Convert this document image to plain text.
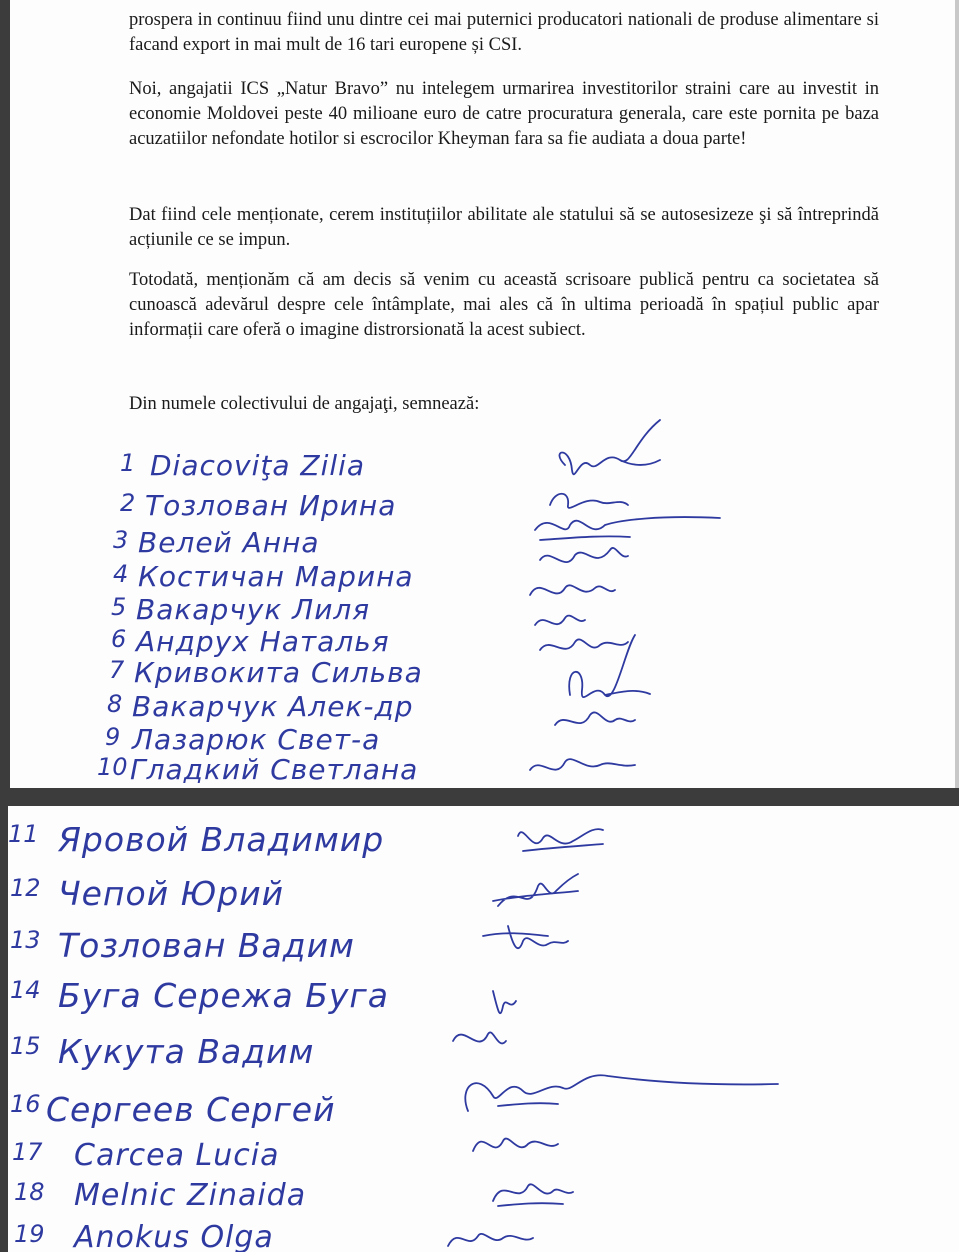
prospera in continuu fiind unu dintre cei mai puternici producatori nationali de produse alimentare si facand export in mai mult de 16 tari europene și CSI.

Noi, angajatii ICS „Natur Bravo” nu intelegem urmarirea investitorilor straini care au investit in economie Moldovei peste 40 milioane euro de catre procuratura generala, care este pornita pe baza acuzatiilor nefondate hotilor si escrocilor Kheyman fara sa fie audiata a doua parte!

Dat fiind cele menționate, cerem instituțiilor abilitate ale statului să se autosesizeze şi să întreprindă acțiunile ce se impun.

Totodată, menționăm că am decis să venim cu această scrisoare publică pentru ca societatea să cunoască adevărul despre cele întâmplate, mai ales că în ultima perioadă în spațiul public apar informații care oferă o imagine distrorsionată la acest subiect.

Din numele colectivului de angajaţi, semnează:

1 Diacoviţa Zilia
2 Тозлован Ирина
3 Велей Анна
4 Костичан Марина
5 Вакарчук Лиля
6 Андрух Наталья
7 Кривокита Сильва
8 Вакарчук Алек-др
9 Лазарюк Свет-а
10 Гладкий Светлана
11 Яровой Владимир
12 Чепой Юрий
13 Тозлован Вадим
14 Буга Сережа Буга
15 Кукута Вадим
16 Сергеев Сергей
17 Carcea Lucia
18 Melnic Zinaida
19 Anokus Olga
